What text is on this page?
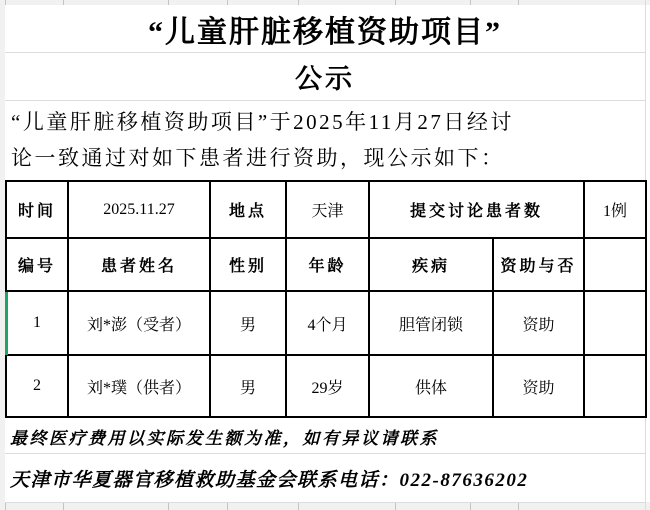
“儿童肝脏移植资助项目”
公示
“儿童肝脏移植资助项目”于2025年11月27日经讨
论一致通过对如下患者进行资助，现公示如下：
时间	2025.11.27	地点	天津	提交讨论患者数		1例
编号	患者姓名	性别	年龄	疾病	资助与否	
1	刘*澎（受者）	男	4个月	胆管闭锁	资助	
2	刘*璞（供者）	男	29岁	供体	资助	
最终医疗费用以实际发生额为准，如有异议请联系
天津市华夏器官移植救助基金会联系电话：022-87636202
